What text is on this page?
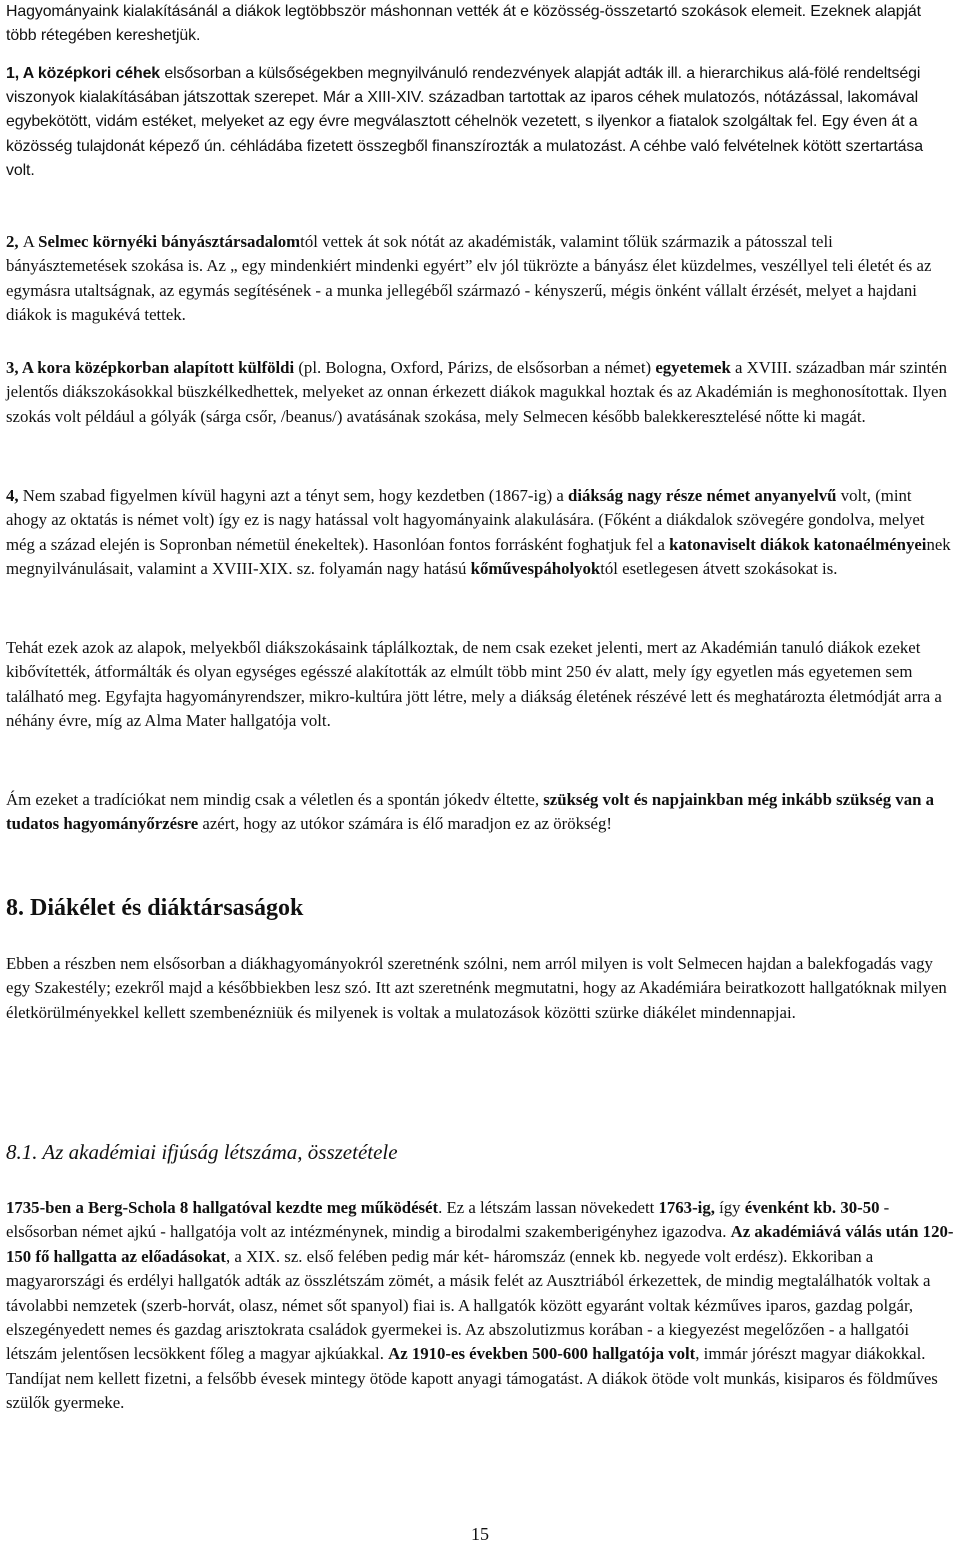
Hagyományaink kialakításánál a diákok legtöbbször máshonnan vették át e közösség-összetartó szokások elemeit. Ezeknek alapját több rétegében kereshetjük.

1, A középkori céhek elsősorban a külsőségekben megnyilvánuló rendezvények alapját adták ill. a hierarchikus alá-fölé rendeltségi viszonyok kialakításában játszottak szerepet. Már a XIII-XIV. században tartottak az iparos céhek mulatozós, nótázással, lakomával egybekötött, vidám estéket, melyeket az egy évre megválasztott céhelnök vezetett, s ilyenkor a fiatalok szolgáltak fel. Egy éven át a közösség tulajdonát képező ún. céhládába fizetett összegből finanszírozták a mulatozást. A céhbe való felvételnek kötött szertartása volt.

2, A Selmec környéki bányásztársadalomtól vettek át sok nótát az akadémisták, valamint tőlük származik a pátosszal teli bányásztemetések szokása is. Az „ egy mindenkiért mindenki egyért” elv jól tükrözte a bányász élet küzdelmes, veszéllyel teli életét és az egymásra utaltságnak, az egymás segítésének - a munka jellegéből származó - kényszerű, mégis önként vállalt érzését, melyet a hajdani diákok is magukévá tettek.

3, A kora középkorban alapított külföldi (pl. Bologna, Oxford, Párizs, de elsősorban a német) egyetemek a XVIII. században már szintén jelentős diákszokásokkal büszkélkedhettek, melyeket az onnan érkezett diákok magukkal hoztak és az Akadémián is meghonosítottak. Ilyen szokás volt például a gólyák (sárga csőr, /beanus/) avatásának szokása, mely Selmecen később balekkeresztelésé nőtte ki magát.

4, Nem szabad figyelmen kívül hagyni azt a tényt sem, hogy kezdetben (1867-ig) a diákság nagy része német anyanyelvű volt, (mint ahogy az oktatás is német volt) így ez is nagy hatással volt hagyományaink alakulására. (Főként a diákdalok szövegére gondolva, melyet még a század elején is Sopronban németül énekeltek). Hasonlóan fontos forrásként foghatjuk fel a katonaviselt diákok katonaélményeinek megnyilvánulásait, valamint a XVIII-XIX. sz. folyamán nagy hatású kőművespáholyoktól esetlegesen átvett szokásokat is.

Tehát ezek azok az alapok, melyekből diákszokásaink táplálkoztak, de nem csak ezeket jelenti, mert az Akadémián tanuló diákok ezeket kibővítették, átformálták és olyan egységes egésszé alakították az elmúlt több mint 250 év alatt, mely így egyetlen más egyetemen sem található meg. Egyfajta hagyományrendszer, mikro-kultúra jött létre, mely a diákság életének részévé lett és meghatározta életmódját arra a néhány évre, míg az Alma Mater hallgatója volt.

Ám ezeket a tradíciókat nem mindig csak a véletlen és a spontán jókedv éltette, szükség volt és napjainkban még inkább szükség van a tudatos hagyományőrzésre azért, hogy az utókor számára is élő maradjon ez az örökség!

8. Diákélet és diáktársaságok

Ebben a részben nem elsősorban a diákhagyományokról szeretnénk szólni, nem arról milyen is volt Selmecen hajdan a balekfogadás vagy egy Szakestély; ezekről majd a későbbiekben lesz szó. Itt azt szeretnénk megmutatni, hogy az Akadémiára beiratkozott hallgatóknak milyen életkörülményekkel kellett szembenézniük és milyenek is voltak a mulatozások közötti szürke diákélet mindennapjai.

8.1. Az akadémiai ifjúság létszáma, összetétele

1735-ben a Berg-Schola 8 hallgatóval kezdte meg működését. Ez a létszám lassan növekedett 1763-ig, így évenként kb. 30-50 - elsősorban német ajkú - hallgatója volt az intézménynek, mindig a birodalmi szakemberigényhez igazodva. Az akadémiává válás után 120-150 fő hallgatta az előadásokat, a XIX. sz. első felében pedig már két- háromszáz (ennek kb. negyede volt erdész). Ekkoriban a magyarországi és erdélyi hallgatók adták az összlétszám zömét, a másik felét az Ausztriából érkezettek, de mindig megtalálhatók voltak a távolabbi nemzetek (szerb-horvát, olasz, német sőt spanyol) fiai is. A hallgatók között egyaránt voltak kézműves iparos, gazdag polgár, elszegényedett nemes és gazdag arisztokrata családok gyermekei is. Az abszolutizmus korában - a kiegyezést megelőzően - a hallgatói létszám jelentősen lecsökkent főleg a magyar ajkúakkal. Az 1910-es években 500-600 hallgatója volt, immár jórészt magyar diákokkal. Tandíjat nem kellett fizetni, a felsőbb évesek mintegy ötöde kapott anyagi támogatást. A diákok ötöde volt munkás, kisiparos és földműves szülők gyermeke.

15
